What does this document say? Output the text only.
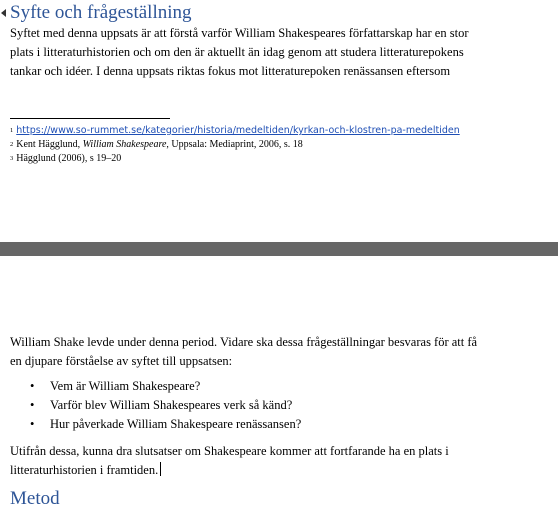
Syfte och frågeställning
Syftet med denna uppsats är att förstå varför William Shakespeares författarskap har en stor
plats i litteraturhistorien och om den är aktuellt än idag genom att studera litteraturepokens
tankar och idéer. I denna uppsats riktas fokus mot litteraturepoken renässansen eftersom
$^1$ https://www.so-rummet.se/kategorier/historia/medeltiden/kyrkan-och-klostren-pa-medeltiden
$^2$ Kent Hägglund, William Shakespeare, Uppsala: Mediaprint, 2006, s. 18
$^3$ Hägglund (2006), s 19–20
William Shake levde under denna period. Vidare ska dessa frågeställningar besvaras för att få
en djupare förståelse av syftet till uppsatsen:
• Vem är William Shakespeare?
• Varför blev William Shakespeares verk så känd?
• Hur påverkade William Shakespeare renässansen?
Utifrån dessa, kunna dra slutsatser om Shakespeare kommer att fortfarande ha en plats i
litteraturhistorien i framtiden.
Metod
